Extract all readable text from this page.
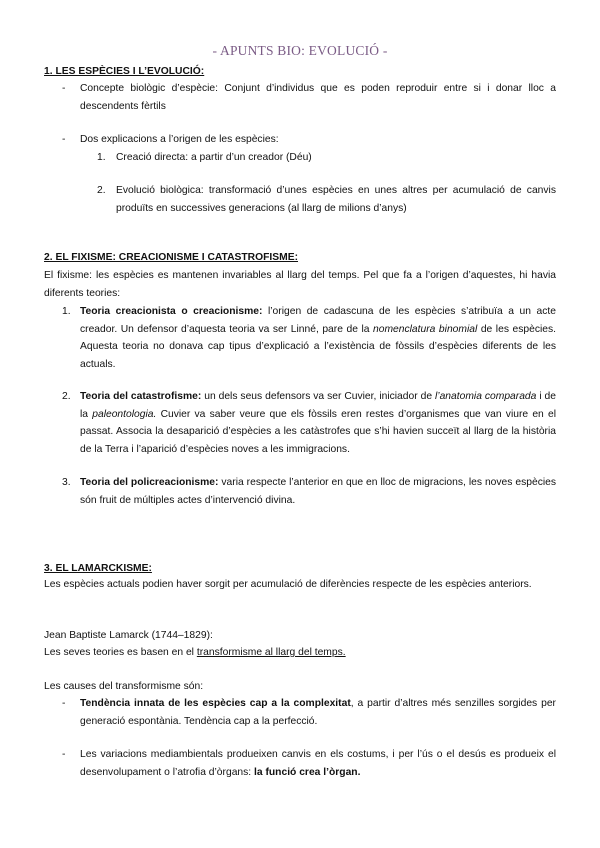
- APUNTS BIO: EVOLUCIÓ -
1. LES ESPÈCIES I L’EVOLUCIÓ:
-	Concepte biològic d’espècie: Conjunt d’individus que es poden reproduir entre si i donar lloc a descendents fèrtils
-	Dos explicacions a l’origen de les espècies:
1.	Creació directa: a partir d’un creador (Déu)
2.	Evolució biològica: transformació d’unes espècies en unes altres per acumulació de canvis produïts en successives generacions (al llarg de milions d’anys)
2. EL FIXISME: CREACIONISME I CATASTROFISME:
El fixisme: les espècies es mantenen invariables al llarg del temps. Pel que fa a l’origen d’aquestes, hi havia diferents teories:
1. Teoria creacionista o creacionisme: l’origen de cadascuna de les espècies s’atribuïa a un acte creador. Un defensor d’aquesta teoria va ser Linné, pare de la nomenclatura binomial de les espècies. Aquesta teoria no donava cap tipus d’explicació a l’existència de fòssils d’espècies diferents de les actuals.
2. Teoria del catastrofisme: un dels seus defensors va ser Cuvier, iniciador de l’anatomia comparada i de la paleontologia. Cuvier va saber veure que els fòssils eren restes d’organismes que van viure en el passat. Associa la desaparició d’espècies a les catàstrofes que s’hi havien succeït al llarg de la història de la Terra i l’aparició d’espècies noves a les immigracions.
3. Teoria del policreacionisme: varia respecte l’anterior en que en lloc de migracions, les noves espècies són fruit de múltiples actes d’intervenció divina.
3. EL LAMARCKISME:
Les espècies actuals podien haver sorgit per acumulació de diferències respecte de les espècies anteriors.
Jean Baptiste Lamarck (1744–1829):
Les seves teories es basen en el transformisme al llarg del temps.
Les causes del transformisme són:
-	Tendència innata de les espècies cap a la complexitat, a partir d’altres més senzilles sorgides per generació espontània. Tendència cap a la perfecció.
-	Les variacions mediambientals produeixen canvis en els costums, i per l’ús o el desús es produeix el desenvolupament o l’atrofia d’òrgans: la funció crea l’òrgan.
